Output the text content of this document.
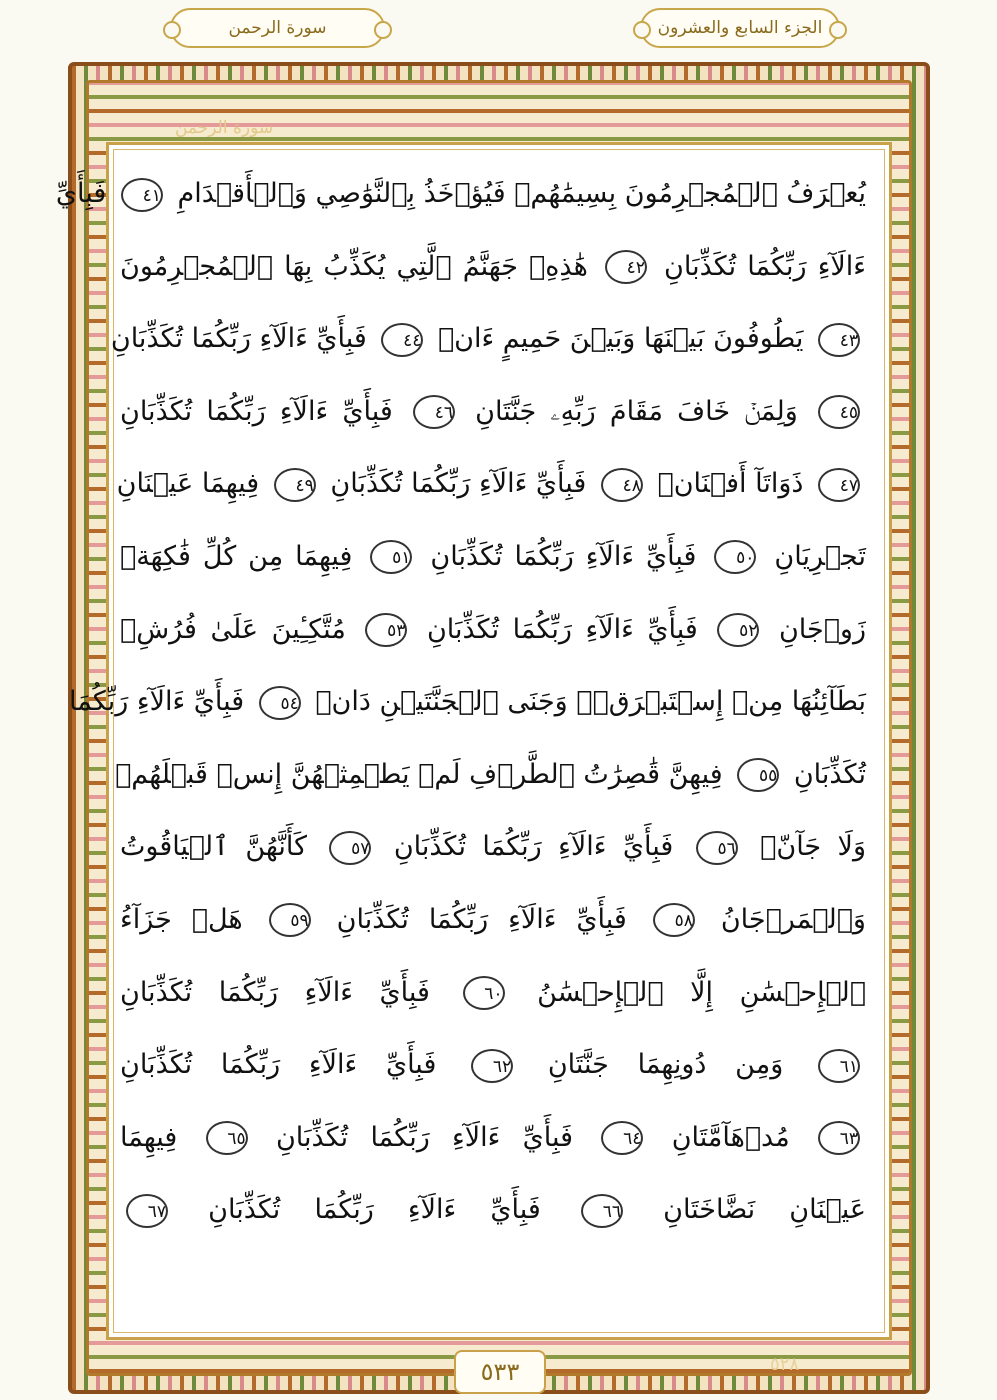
سورة الرحمن	الجزء السابع والعشرون
سورة الرحمن
يُعۡرَفُ ٱلۡمُجۡرِمُونَ بِسِيمَٰهُمۡ فَيُؤۡخَذُ بِٱلنَّوَٰصِي وَٱلۡأَقۡدَامِ ٤١ فَبِأَيِّ
ءَالَآءِ رَبِّكُمَا تُكَذِّبَانِ ٤٢ هَٰذِهِۦ جَهَنَّمُ ٱلَّتِي يُكَذِّبُ بِهَا ٱلۡمُجۡرِمُونَ
٤٣ يَطُوفُونَ بَيۡنَهَا وَبَيۡنَ حَمِيمٍ ءَانٖ ٤٤ فَبِأَيِّ ءَالَآءِ رَبِّكُمَا تُكَذِّبَانِ
٤٥ وَلِمَنۡ خَافَ مَقَامَ رَبِّهِۦ جَنَّتَانِ ٤٦ فَبِأَيِّ ءَالَآءِ رَبِّكُمَا تُكَذِّبَانِ
٤٧ ذَوَاتَآ أَفۡنَانٖ ٤٨ فَبِأَيِّ ءَالَآءِ رَبِّكُمَا تُكَذِّبَانِ ٤٩ فِيهِمَا عَيۡنَانِ
تَجۡرِيَانِ ٥٠ فَبِأَيِّ ءَالَآءِ رَبِّكُمَا تُكَذِّبَانِ ٥١ فِيهِمَا مِن كُلِّ فَٰكِهَةٖ
زَوۡجَانِ ٥٢ فَبِأَيِّ ءَالَآءِ رَبِّكُمَا تُكَذِّبَانِ ٥٣ مُتَّكِـِٔينَ عَلَىٰ فُرُشِۢ
بَطَآئِنُهَا مِنۡ إِسۡتَبۡرَقٖۚ وَجَنَى ٱلۡجَنَّتَيۡنِ دَانٖ ٥٤ فَبِأَيِّ ءَالَآءِ رَبِّكُمَا
تُكَذِّبَانِ ٥٥ فِيهِنَّ قَٰصِرَٰتُ ٱلطَّرۡفِ لَمۡ يَطۡمِثۡهُنَّ إِنسٞ قَبۡلَهُمۡ
وَلَا جَآنّٞ ٥٦ فَبِأَيِّ ءَالَآءِ رَبِّكُمَا تُكَذِّبَانِ ٥٧ كَأَنَّهُنَّ ٱلۡيَاقُوتُ
وَٱلۡمَرۡجَانُ ٥٨ فَبِأَيِّ ءَالَآءِ رَبِّكُمَا تُكَذِّبَانِ ٥٩ هَلۡ جَزَآءُ
ٱلۡإِحۡسَٰنِ إِلَّا ٱلۡإِحۡسَٰنُ ٦٠ فَبِأَيِّ ءَالَآءِ رَبِّكُمَا تُكَذِّبَانِ
٦١ وَمِن دُونِهِمَا جَنَّتَانِ ٦٢ فَبِأَيِّ ءَالَآءِ رَبِّكُمَا تُكَذِّبَانِ
٦٣ مُدۡهَآمَّتَانِ ٦٤ فَبِأَيِّ ءَالَآءِ رَبِّكُمَا تُكَذِّبَانِ ٦٥ فِيهِمَا
عَيۡنَانِ نَضَّاخَتَانِ ٦٦ فَبِأَيِّ ءَالَآءِ رَبِّكُمَا تُكَذِّبَانِ ٦٧
٥٣٣	٥٢٨
